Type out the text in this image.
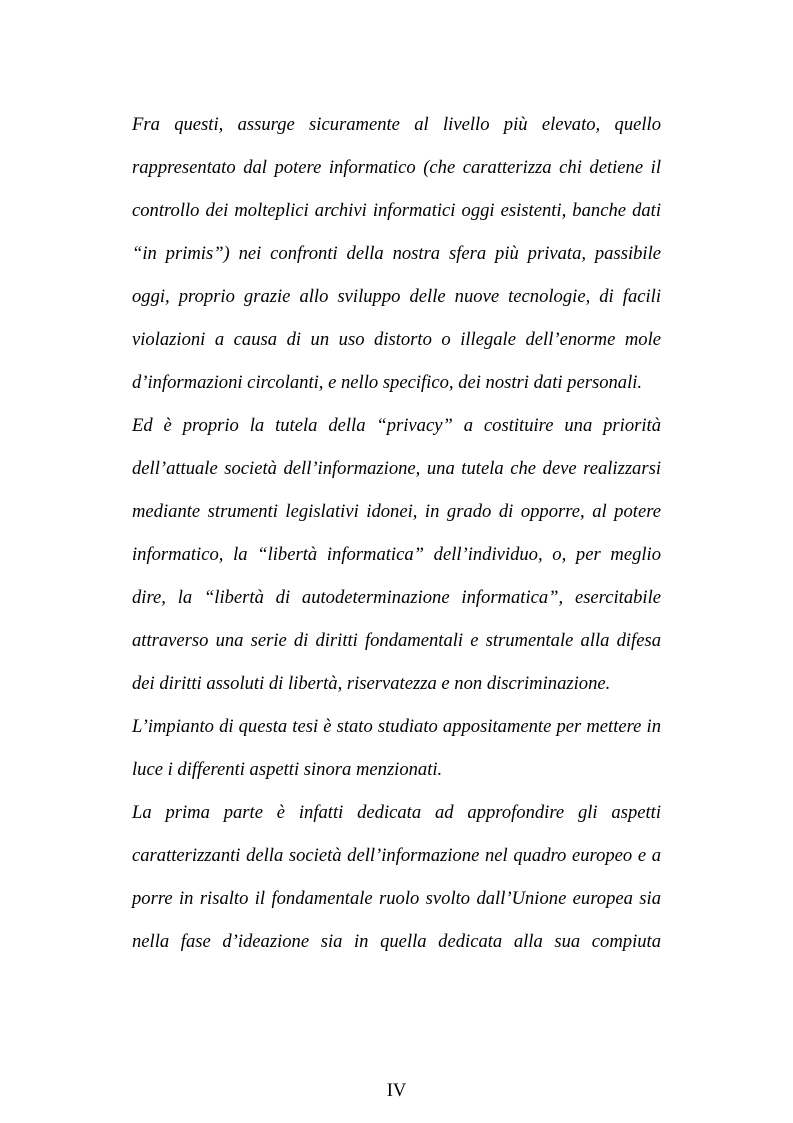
Fra questi, assurge sicuramente al livello più elevato, quello
rappresentato dal potere informatico (che caratterizza chi detiene il
controllo dei molteplici archivi informatici oggi esistenti, banche dati
“in primis”) nei confronti della nostra sfera più privata, passibile
oggi, proprio grazie allo sviluppo delle nuove tecnologie, di facili
violazioni a causa di un uso distorto o illegale dell’enorme mole
d’informazioni circolanti, e nello specifico, dei nostri dati personali.
Ed è proprio la tutela della “privacy” a costituire una priorità
dell’attuale società dell’informazione, una tutela che deve realizzarsi
mediante strumenti legislativi idonei, in grado di opporre, al potere
informatico, la “libertà informatica” dell’individuo, o, per meglio
dire, la “libertà di autodeterminazione informatica”, esercitabile
attraverso una serie di diritti fondamentali e strumentale alla difesa
dei diritti assoluti di libertà, riservatezza e non discriminazione.
L’impianto di questa tesi è stato studiato appositamente per mettere in
luce i differenti aspetti sinora menzionati.
La prima parte è infatti dedicata ad approfondire gli aspetti
caratterizzanti della società dell’informazione nel quadro europeo e a
porre in risalto il fondamentale ruolo svolto dall’Unione europea sia
nella fase d’ideazione sia in quella dedicata alla sua compiuta
IV
